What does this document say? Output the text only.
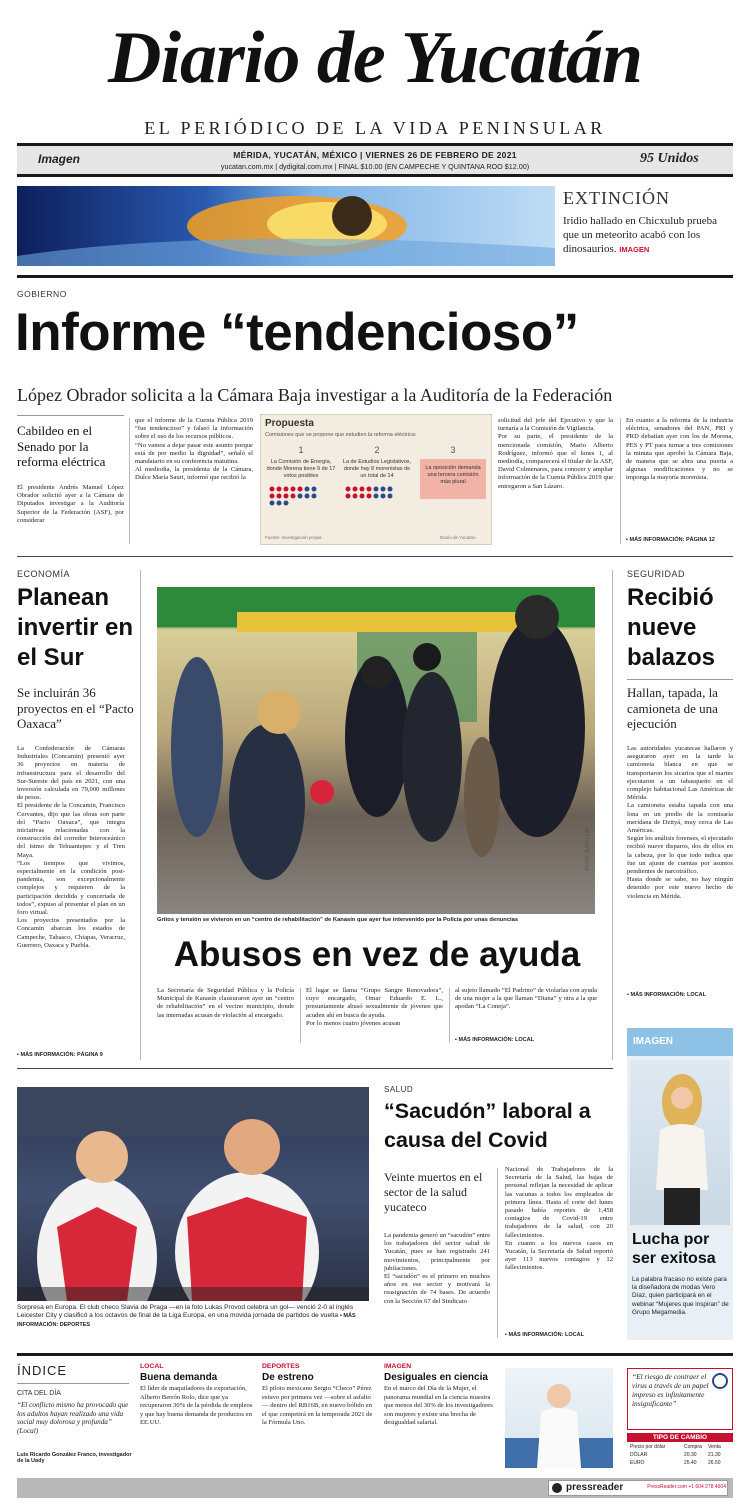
Diario de Yucatán
EL PERIÓDICO DE LA VIDA PENINSULAR
Imagen	MÉRIDA, YUCATÁN, MÉXICO | VIERNES 26 DE FEBRERO DE 2021
yucatan.com.mx | dydigital.com.mx | FINAL $10.00 (EN CAMPECHE Y QUINTANA ROO $12.00)
95 Unidos
EXTINCIÓN
Iridio hallado en Chicxulub prueba que un meteorito acabó con los dinosaurios. IMAGEN
GOBIERNO
Informe “tendencioso”
López Obrador solicita a la Cámara Baja investigar a la Auditoría de la Federación
Cabildeo en el Senado por la reforma eléctrica
El presidente Andrés Manuel López Obrador solicitó ayer a la Cámara de Diputados investigar a la Auditoría Superior de la Federación (ASF), por considerar
que el informe de la Cuenta Pública 2019 “fue tendencioso” y falseó la información sobre el uso de los recursos públicos.
“No vamos a dejar pasar este asunto porque está de por medio la dignidad”, señaló el mandatario en su conferencia matutina.
Al mediodía, la presidenta de la Cámara, Dulce María Sauri, informó que recibió la
Propuesta
Comisiones que se propone que estudien la reforma eléctrica:
1
La Comisión de Energía, donde Morena tiene 9 de 17 votos posibles
2
La de Estudios Legislativos, donde hay 8 morenistas de un total de 14
3
La oposición demanda una tercera comisión más plural
Fuente: Investigación propia	Diario de Yucatán
solicitud del jefe del Ejecutivo y que la turnaría a la Comisión de Vigilancia.
Por su parte, el presidente de la mencionada comisión, Mario Alberto Rodríguez, informó que el lunes 1, al mediodía, comparecerá el titular de la ASF, David Colmenares, para conocer y ampliar información de la Cuenta Pública 2019 que entregaron a San Lázaro.
En cuanto a la reforma de la industria eléctrica, senadores del PAN, PRI y PRD debatían ayer con los de Morena, PES y PT para turnar a tres comisiones la minuta que aprobó la Cámara Baja, de manera que se abra una puerta a algunas modificaciones y no se imponga la mayoría morenista.
▪ MÁS INFORMACIÓN: PÁGINA 12
ECONOMÍA
Planean invertir en el Sur
Se incluirán 36 proyectos en el “Pacto Oaxaca”
La Confederación de Cámaras Industriales (Concamin) presentó ayer 36 proyectos en materia de infraestructura para el desarrollo del Sur-Sureste del país en 2021, con una inversión calculada en 79,000 millones de pesos.
El presidente de la Concamin, Francisco Cervantes, dijo que las obras son parte del “Pacto Oaxaca”, que integra iniciativas relacionadas con la construcción del corredor Interoceánico del istmo de Tehuantepec y el Tren Maya.
“Los tiempos que vivimos, especialmente en la condición post-pandemia, son excepcionalmente complejos y requieren de la participación decidida y concertada de todos”, expuso al presentar el plan en un foro virtual.
Los proyectos presentados por la Concamin abarcan los estados de Campeche, Tabasco, Chiapas, Veracruz, Guerrero, Oaxaca y Puebla.
▪ MÁS INFORMACIÓN: PÁGINA 9
FOTO: JUAN LIUH
Gritos y tensión se vivieron en un “centro de rehabilitación” de Kanasín que ayer fue intervenido por la Policía por unas denuncias
Abusos en vez de ayuda
La Secretaría de Seguridad Pública y la Policía Municipal de Kanasín clausuraron ayer un “centro de rehabilitación” en el vecino municipio, donde las internadas acusan de violación al encargado.
El lugar se llama “Grupo Sangre Renovadora”, cuyo encargado, Omar Eduardo E. L., presuntamente abusó sexualmente de jóvenes que acuden ahí en busca de ayuda.
Por lo menos cuatro jóvenes acusan
al sujeto llamado “El Padrino” de violarlas con ayuda de una mujer a la que llaman “Diana” y otra a la que apodan “La Coneja”.
▪ MÁS INFORMACIÓN: LOCAL
SEGURIDAD
Recibió nueve balazos
Hallan, tapada, la camioneta de una ejecución
Las autoridades yucatecas hallaron y aseguraron ayer en la tarde la camioneta blanca en que se transportaron los sicarios que el martes ejecutaron a un tabasqueño en el complejo habitacional Las Américas de Mérida.
La camioneta estaba tapada con una lona en un predio de la comisaría meridana de Dzityá, muy cerca de Las Américas.
Según los análisis forenses, el ejecutado recibió nueve disparos, dos de ellos en la cabeza, por lo que todo indica que fue un ajuste de cuentas por asuntos pendientes de narcotráfico.
Hasta donde se sabe, no hay ningún detenido por este nuevo hecho de violencia en Mérida.
▪ MÁS INFORMACIÓN: LOCAL
IMAGEN
Lucha por ser exitosa
La palabra fracaso no existe para la diseñadora de modas Vero Díaz, quien participará en el webinar “Mujeres que inspiran” de Grupo Megamedia.
Sorpresa en Europa. El club checo Slavia de Praga —en la foto Lukas Provod celebra un gol— venció 2-0 al inglés Leicester City y clasificó a los octavos de final de la Liga Europa, en una movida jornada de partidos de vuelta ▪ MÁS INFORMACIÓN: DEPORTES
SALUD
“Sacudón” laboral a causa del Covid
Veinte muertos en el sector de la salud yucateco
La pandemia generó un “sacudón” entre los trabajadores del sector salud de Yucatán, pues se han registrado 241 movimientos, principalmente por jubilaciones.
El “sacudón” es el primero en muchos años en ese sector y motivará la reasignación de 74 bases. De acuerdo con la Sección 67 del Sindicato
Nacional de Trabajadores de la Secretaría de la Salud, las bajas de personal reflejan la necesidad de aplicar las vacunas a todos los empleados de primera línea. Hasta el corte del lunes pasado había reportes de 1,458 contagios de Covid-19 entre trabajadores de la salud, con 20 fallecimientos.
En cuanto a los nuevos casos en Yucatán, la Secretaría de Salud reportó ayer 113 nuevos contagios y 12 fallecimientos.
▪ MÁS INFORMACIÓN: LOCAL
ÍNDICE
CITA DEL DÍA
“El conflicto mismo ha provocado que los adultos hayan realizado una vida social muy dolorosa y profunda” (Local)
Luis Ricardo González Franco, investigador de la Uady
LOCAL
Buena demanda
El líder de maquiladores de exportación, Alberto Berrón Rolo, dice que ya recuperaron 30% de la pérdida de empleos y que hay buena demanda de productos en EE.UU.
DEPORTES
De estreno
El piloto mexicano Sergio “Checo” Pérez estuvo por primera vez —sobre el asfalto— dentro del RB16B, en nuevo bólido en el que competirá en la temporada 2021 de la Fórmula Uno.
IMAGEN
Desiguales en ciencia
En el marco del Día de la Mujer, el panorama mundial en la ciencia muestra que menos del 30% de los investigadores son mujeres y existe una brecha de desigualdad salarial.
“El riesgo de contraer el virus a través de un papel impreso es infinitamente insignificante”
TIPO DE CAMBIO
Precio por dólar	Compra	Venta
DÓLAR	20.30	21.30
EURO	25.40	26.50
pressreader	PressReader.com +1 604 278 4604
